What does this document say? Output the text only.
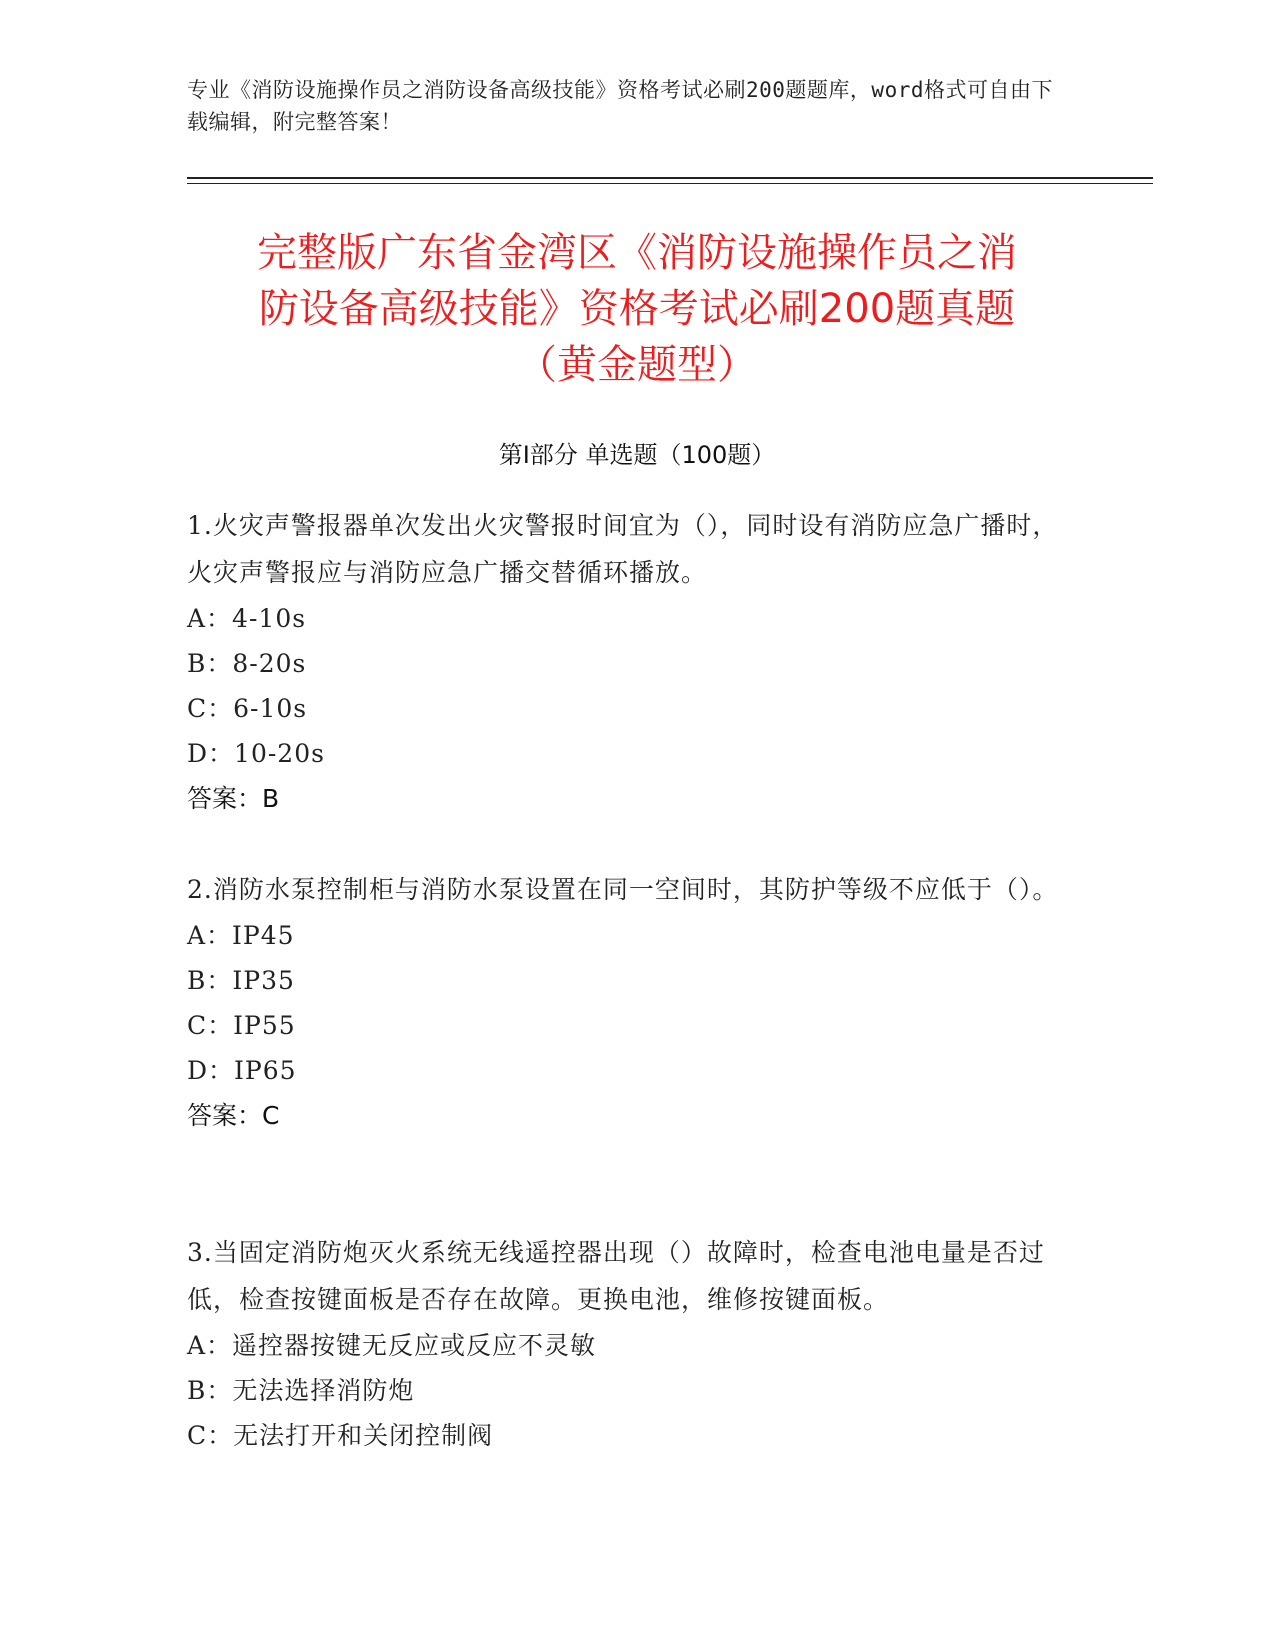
专业《消防设施操作员之消防设备高级技能》资格考试必刷200题题库，word格式可自由下载编辑，附完整答案！
完整版广东省金湾区《消防设施操作员之消
防设备高级技能》资格考试必刷200题真题
（黄金题型）
第I部分 单选题（100题）

1.火灾声警报器单次发出火灾警报时间宜为（），同时设有消防应急广播时，火灾声警报应与消防应急广播交替循环播放。

A：4-10s

B：8-20s

C：6-10s

D：10-20s

答案：B

2.消防水泵控制柜与消防水泵设置在同一空间时，其防护等级不应低于（）。

A：IP45

B：IP35

C：IP55

D：IP65

答案：C

3.当固定消防炮灭火系统无线遥控器出现（）故障时，检查电池电量是否过低，检查按键面板是否存在故障。更换电池，维修按键面板。

A：遥控器按键无反应或反应不灵敏

B：无法选择消防炮

C：无法打开和关闭控制阀
